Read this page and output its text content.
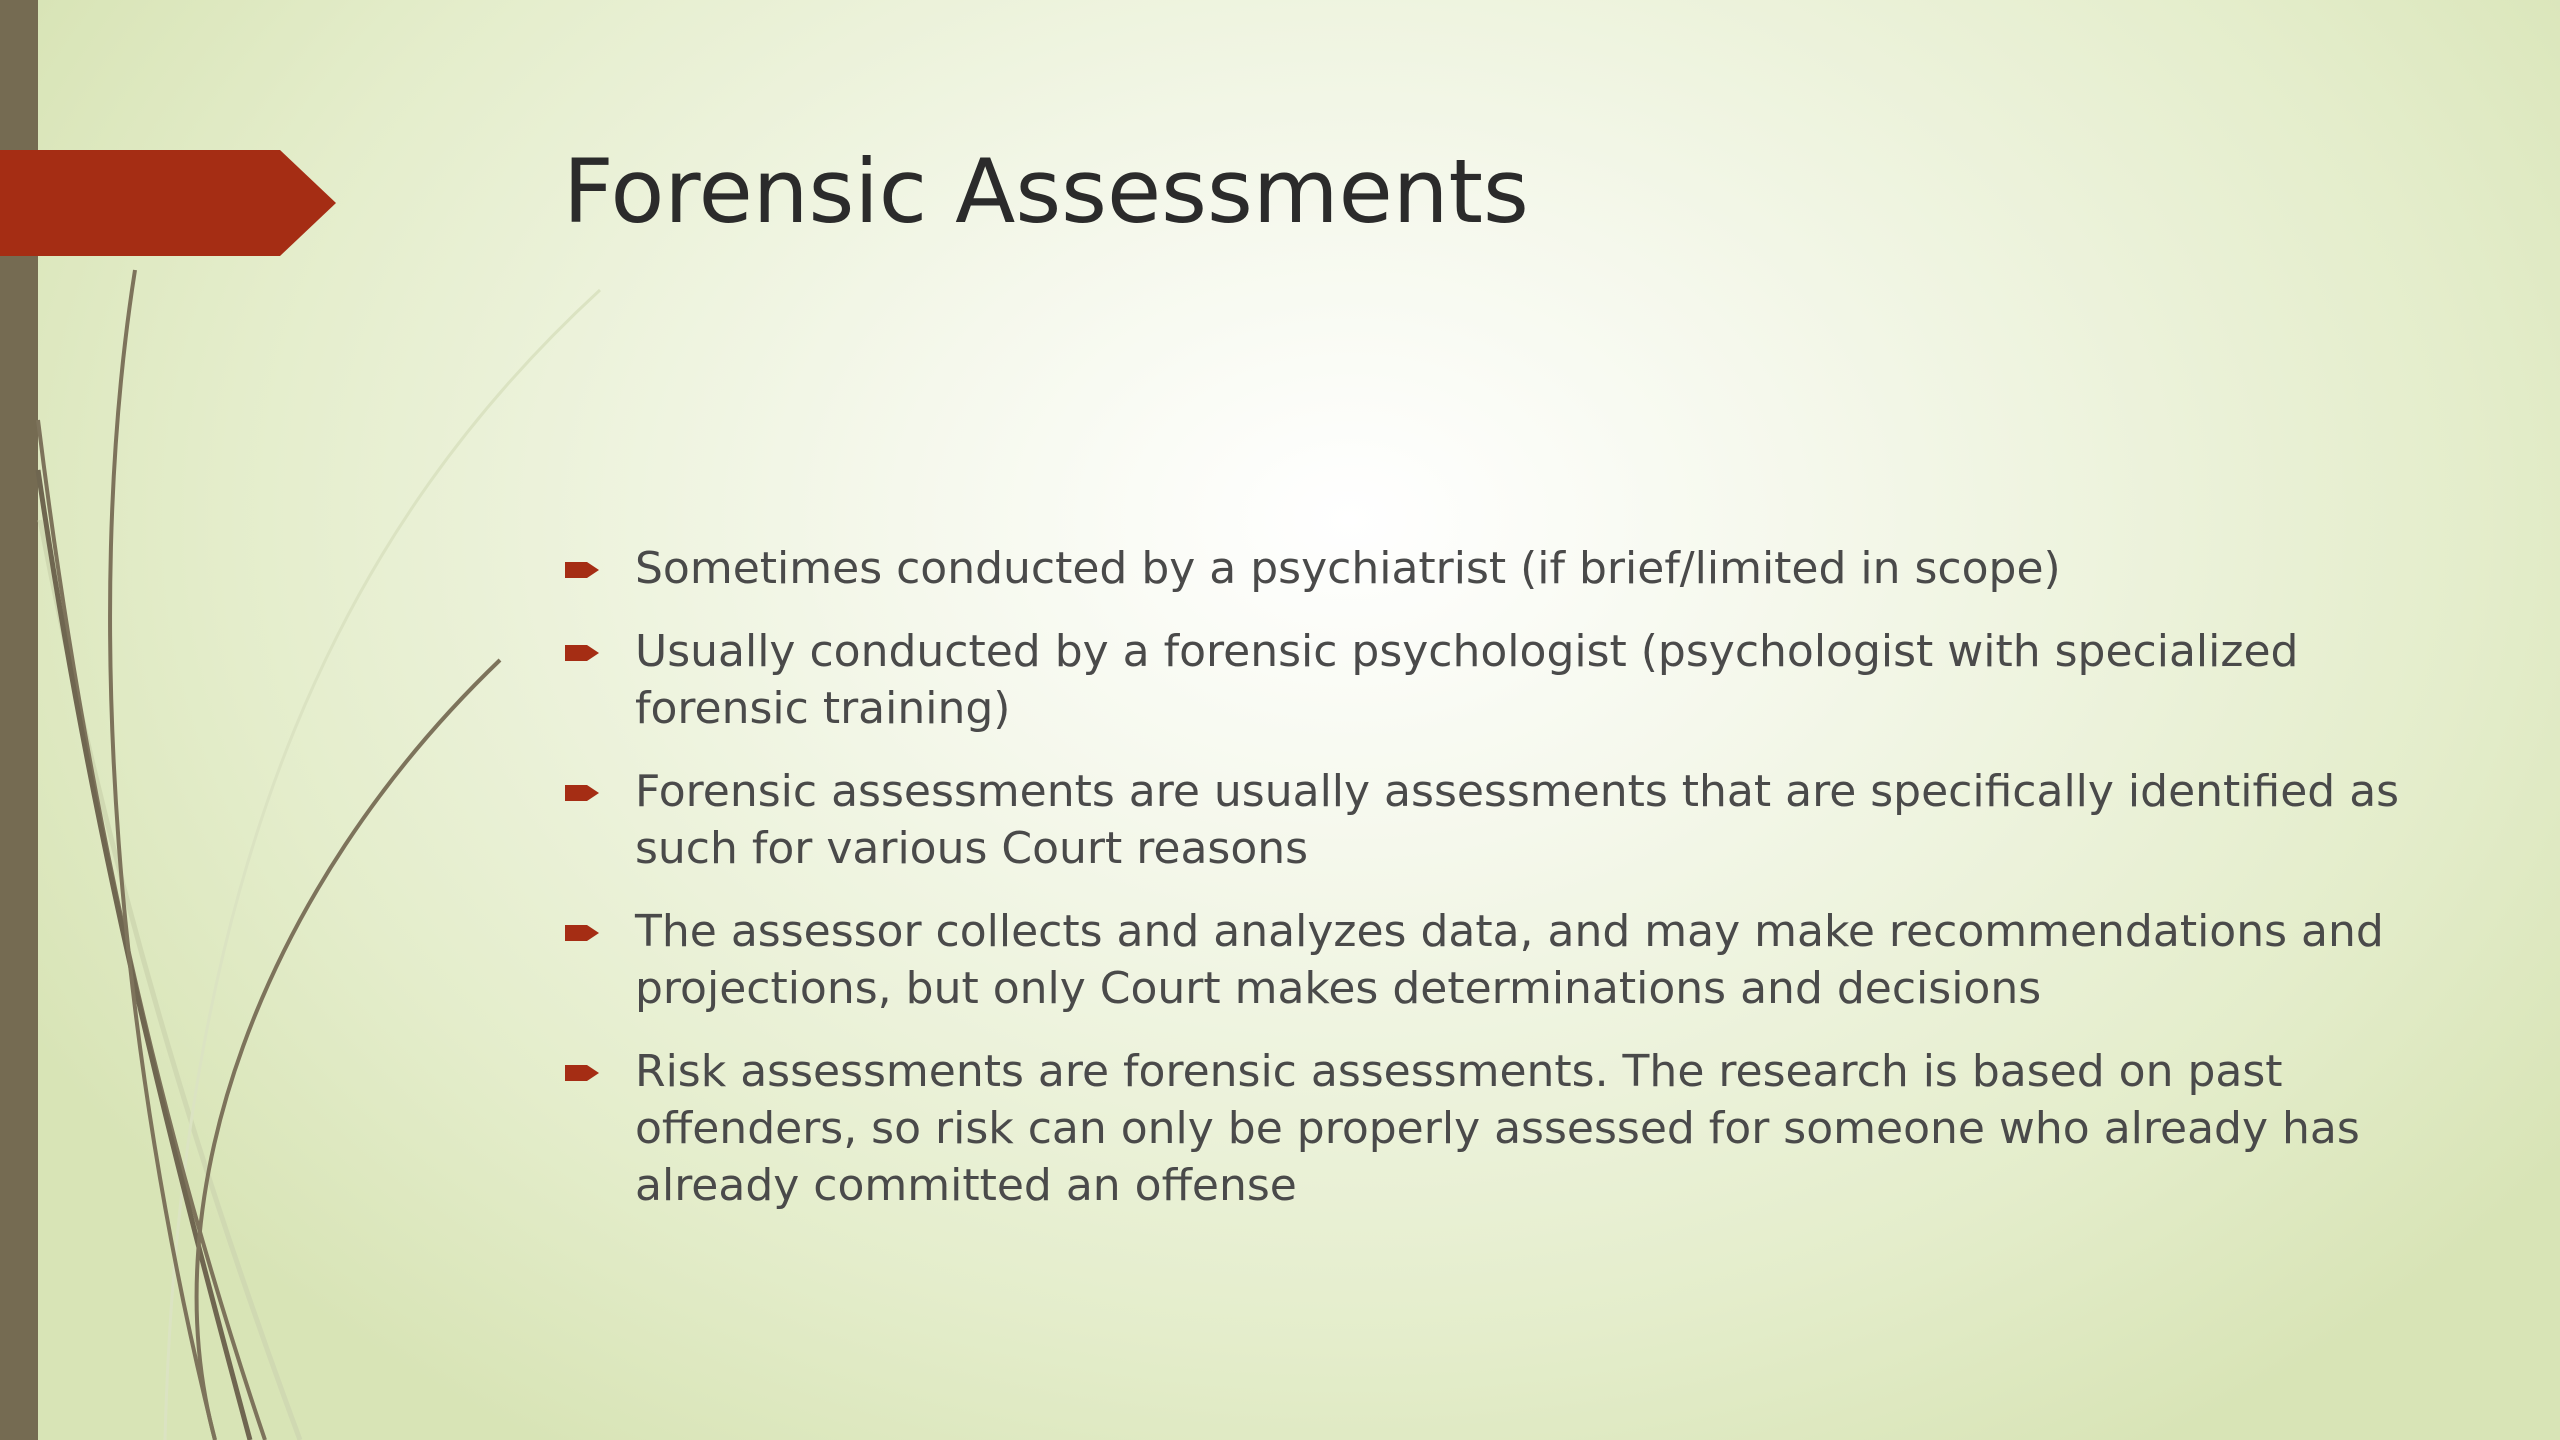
Forensic Assessments
Sometimes conducted by a psychiatrist (if brief/limited in scope)
Usually conducted by a forensic psychologist (psychologist with specialized forensic training)
Forensic assessments are usually assessments that are specifically identified as such for various Court reasons
The assessor collects and analyzes data, and may make recommendations and projections, but only Court makes determinations and decisions
Risk assessments are forensic assessments. The research is based on past offenders, so risk can only be properly assessed for someone who already has already committed an offense
